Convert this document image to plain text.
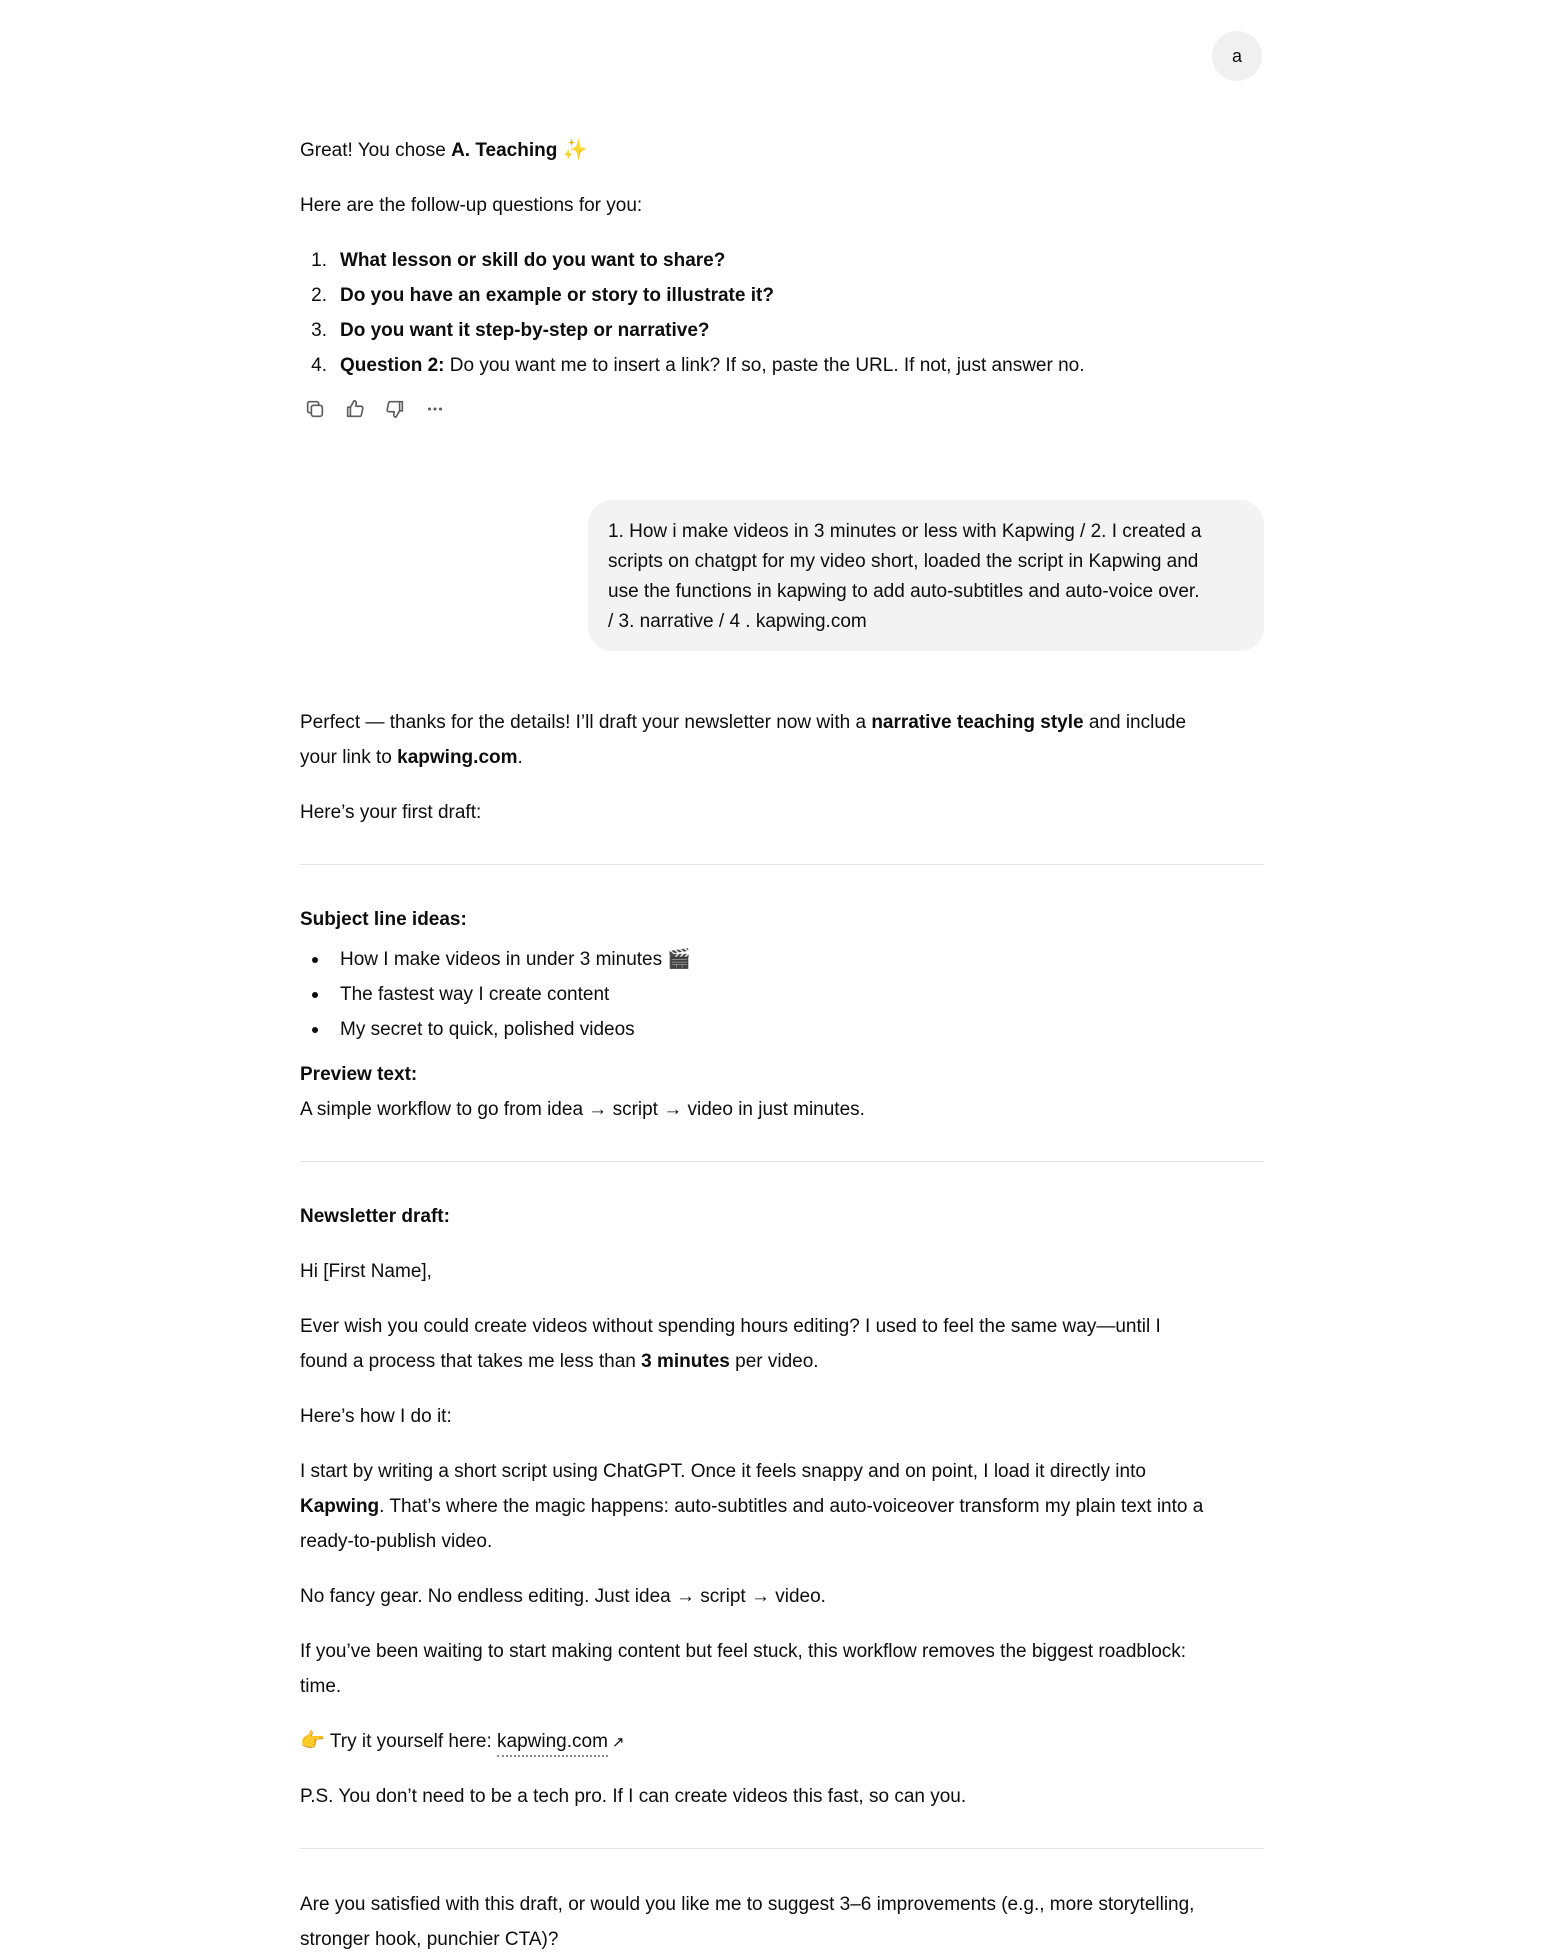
a

Great! You chose A. Teaching ✨

Here are the follow-up questions for you:

1. What lesson or skill do you want to share?
2. Do you have an example or story to illustrate it?
3. Do you want it step-by-step or narrative?
4. Question 2: Do you want me to insert a link? If so, paste the URL. If not, just answer no.
1. How i make videos in 3 minutes or less with Kapwing / 2. I created a
scripts on chatgpt for my video short, loaded the script in Kapwing and
use the functions in kapwing to add auto-subtitles and auto-voice over.
/ 3. narrative / 4 . kapwing.com

Perfect — thanks for the details! I’ll draft your newsletter now with a narrative teaching style and include

your link to kapwing.com.

Here’s your first draft:

Subject line ideas:

How I make videos in under 3 minutes 🎬
The fastest way I create content
My secret to quick, polished videos

Preview text:

A simple workflow to go from idea → script → video in just minutes.

Newsletter draft:

Hi [First Name],

Ever wish you could create videos without spending hours editing? I used to feel the same way—until I

found a process that takes me less than 3 minutes per video.

Here’s how I do it:

I start by writing a short script using ChatGPT. Once it feels snappy and on point, I load it directly into

Kapwing. That’s where the magic happens: auto-subtitles and auto-voiceover transform my plain text into a

ready-to-publish video.

No fancy gear. No endless editing. Just idea → script → video.

If you’ve been waiting to start making content but feel stuck, this workflow removes the biggest roadblock:

time.

👉 Try it yourself here: kapwing.com ↗

P.S. You don’t need to be a tech pro. If I can create videos this fast, so can you.

Are you satisfied with this draft, or would you like me to suggest 3–6 improvements (e.g., more storytelling,

stronger hook, punchier CTA)?
